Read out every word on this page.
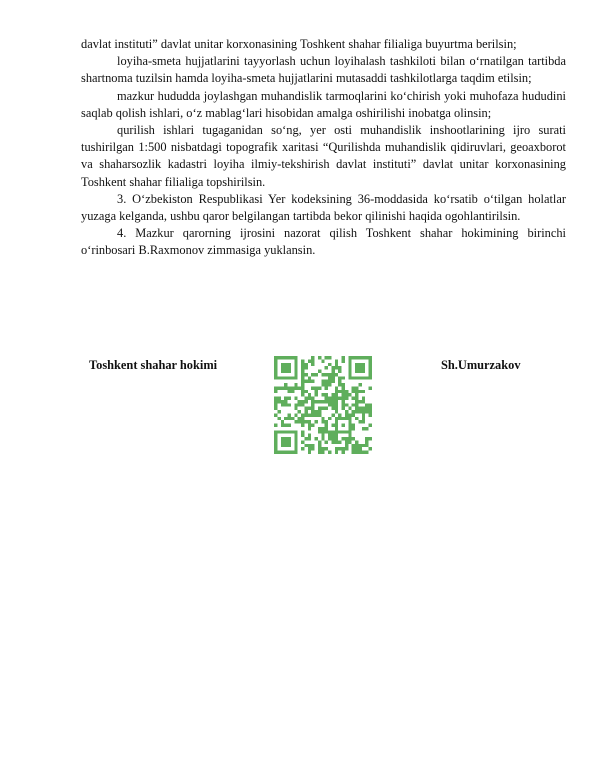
davlat instituti” davlat unitar korxonasining Toshkent shahar filialiga buyurtma berilsin;

loyiha-smeta hujjatlarini tayyorlash uchun loyihalash tashkiloti bilan oʻrnatilgan tartibda shartnoma tuzilsin hamda loyiha-smeta hujjatlarini mutasaddi tashkilotlarga taqdim etilsin;

mazkur hududda joylashgan muhandislik tarmoqlarini koʻchirish yoki muhofaza hududini saqlab qolish ishlari, oʻz mablagʻlari hisobidan amalga oshirilishi inobatga olinsin;

qurilish ishlari tugaganidan soʻng, yer osti muhandislik inshootlarining ijro surati tushirilgan 1:500 nisbatdagi topografik xaritasi “Qurilishda muhandislik qidiruvlari, geoaxborot va shaharsozlik kadastri loyiha ilmiy-tekshirish davlat instituti” davlat unitar korxonasining Toshkent shahar filialiga topshirilsin.

3. Oʻzbekiston Respublikasi Yer kodeksining 36-moddasida koʻrsatib oʻtilgan holatlar yuzaga kelganda, ushbu qaror belgilangan tartibda bekor qilinishi haqida ogohlantirilsin.

4. Mazkur qarorning ijrosini nazorat qilish Toshkent shahar hokimining birinchi oʻrinbosari B.Raxmonov zimmasiga yuklansin.

Toshkent shahar hokimi	Sh.Umurzakov
